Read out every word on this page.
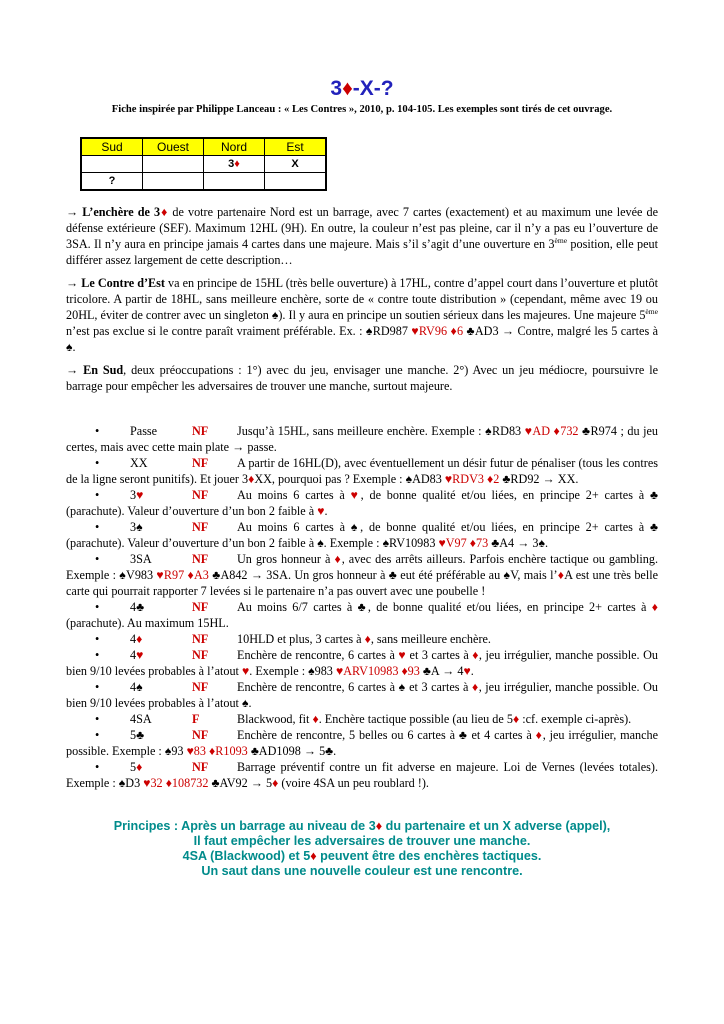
3♦-X-?

Fiche inspirée par Philippe Lanceau : « Les Contres », 2010, p. 104-105. Les exemples sont tirés de cet ouvrage.

Sud	Ouest	Nord	Est
		3♦	X
?			

→ L’enchère de 3♦ de votre partenaire Nord est un barrage, avec 7 cartes (exactement) et au maximum une levée de défense extérieure (SEF). Maximum 12HL (9H). En outre, la couleur n’est pas pleine, car il n’y a pas eu l’ouverture de 3SA. Il n’y aura en principe jamais 4 cartes dans une majeure. Mais s’il s’agit d’une ouverture en 3ème position, elle peut différer assez largement de cette description…

→ Le Contre d’Est va en principe de 15HL (très belle ouverture) à 17HL, contre d’appel court dans l’ouverture et plutôt tricolore. A partir de 18HL, sans meilleure enchère, sorte de « contre toute distribution » (cependant, même avec 19 ou 20HL, éviter de contrer avec un singleton ♠). Il y aura en principe un soutien sérieux dans les majeures. Une majeure 5ème n’est pas exclue si le contre paraît vraiment préférable. Ex. : ♠RD987 ♥RV96 ♦6 ♣AD3 → Contre, malgré les 5 cartes à ♠.

→ En Sud, deux préoccupations : 1°) avec du jeu, envisager une manche. 2°) Avec un jeu médiocre, poursuivre le barrage pour empêcher les adversaires de trouver une manche, surtout majeure.

•	Passe	NF Jusqu’à 15HL, sans meilleure enchère. Exemple : ♠RD83 ♥AD ♦732 ♣R974 ; du jeu certes, mais avec cette main plate → passe.
•	XX	NF A partir de 16HL(D), avec éventuellement un désir futur de pénaliser (tous les contres de la ligne seront punitifs). Et jouer 3♦XX, pourquoi pas ? Exemple : ♠AD83 ♥RDV3 ♦2 ♣RD92 → XX.
•	3♥	NF Au moins 6 cartes à ♥, de bonne qualité et/ou liées, en principe 2+ cartes à ♣ (parachute). Valeur d’ouverture d’un bon 2 faible à ♥.
•	3♠	NF Au moins 6 cartes à ♠, de bonne qualité et/ou liées, en principe 2+ cartes à ♣ (parachute). Valeur d’ouverture d’un bon 2 faible à ♠. Exemple : ♠RV10983 ♥V97 ♦73 ♣A4 → 3♠.
•	3SA	NF Un gros honneur à ♦, avec des arrêts ailleurs. Parfois enchère tactique ou gambling. Exemple : ♠V983 ♥R97 ♦A3 ♣A842 → 3SA. Un gros honneur à ♣ eut été préférable au ♠V, mais l’♦A est une très belle carte qui pourrait rapporter 7 levées si le partenaire n’a pas ouvert avec une poubelle !
•	4♣	NF Au moins 6/7 cartes à ♣, de bonne qualité et/ou liées, en principe 2+ cartes à ♦ (parachute). Au maximum 15HL.
•	4♦	NF 10HLD et plus, 3 cartes à ♦, sans meilleure enchère.
•	4♥	NF Enchère de rencontre, 6 cartes à ♥ et 3 cartes à ♦, jeu irrégulier, manche possible. Ou bien 9/10 levées probables à l’atout ♥. Exemple : ♠983 ♥ARV10983 ♦93 ♣A → 4♥.
•	4♠	NF Enchère de rencontre, 6 cartes à ♠ et 3 cartes à ♦, jeu irrégulier, manche possible. Ou bien 9/10 levées probables à l’atout ♠.
•	4SA	F	Blackwood, fit ♦. Enchère tactique possible (au lieu de 5♦ :cf. exemple ci-après).
•	5♣	NF Enchère de rencontre, 5 belles ou 6 cartes à ♣ et 4 cartes à ♦, jeu irrégulier, manche possible. Exemple : ♠93 ♥83 ♦R1093 ♣AD1098 → 5♣.
•	5♦	NF Barrage préventif contre un fit adverse en majeure. Loi de Vernes (levées totales). Exemple : ♠D3 ♥32 ♦108732 ♣AV92 → 5♦ (voire 4SA un peu roublard !).
Principes : Après un barrage au niveau de 3♦ du partenaire et un X adverse (appel),
Il faut empêcher les adversaires de trouver une manche.
4SA (Blackwood) et 5♦ peuvent être des enchères tactiques.
Un saut dans une nouvelle couleur est une rencontre.
